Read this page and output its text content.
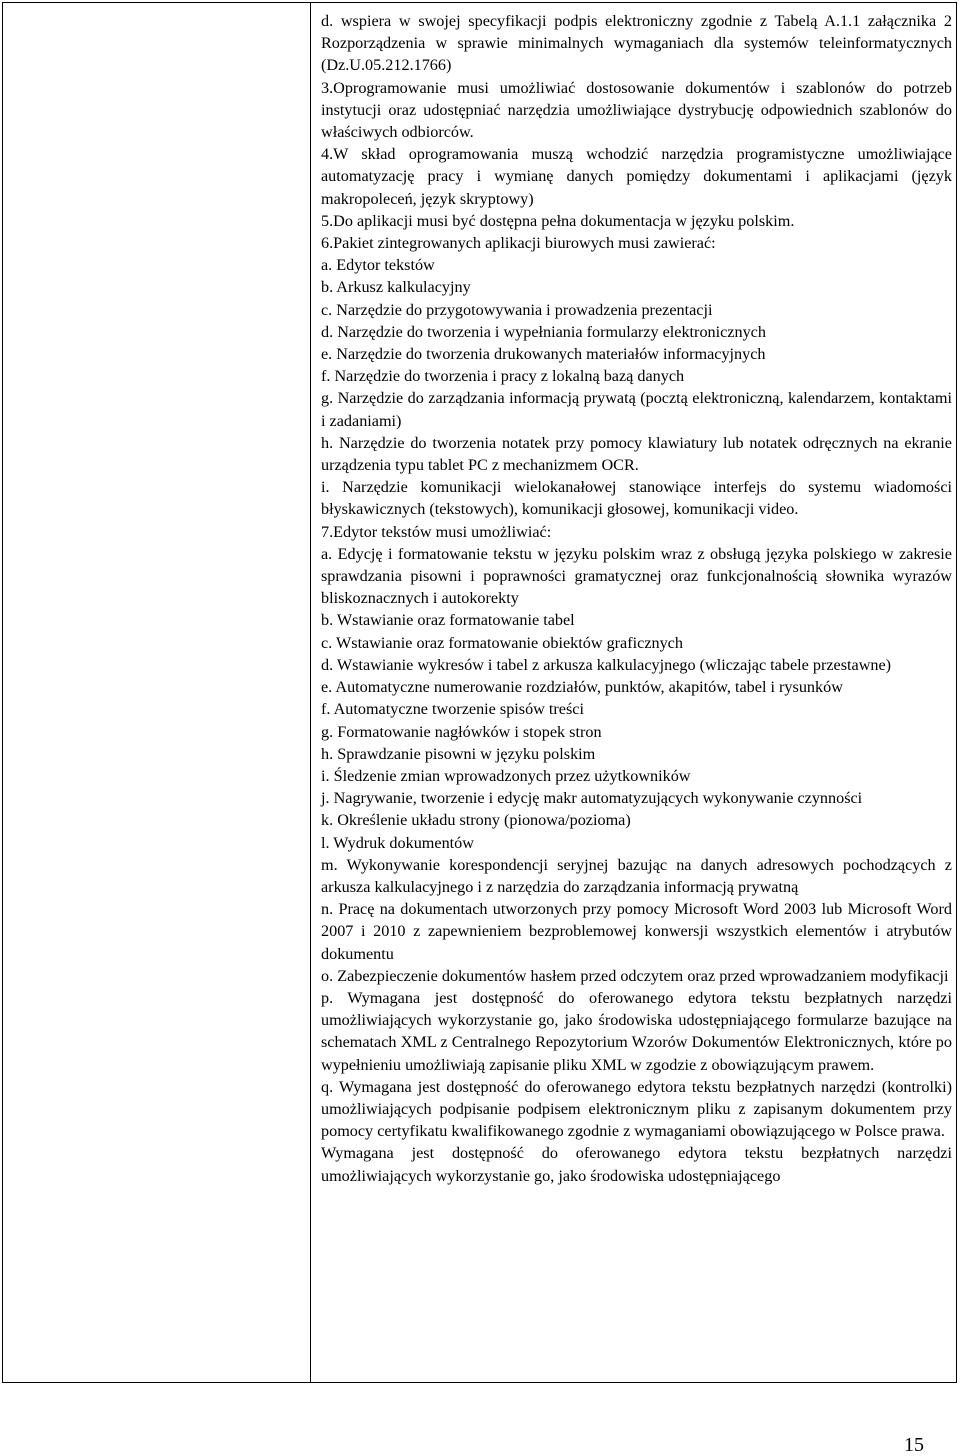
d. wspiera w swojej specyfikacji podpis elektroniczny zgodnie z Tabelą A.1.1 załącznika 2 Rozporządzenia w sprawie minimalnych wymaganiach dla systemów teleinformatycznych (Dz.U.05.212.1766)

3.Oprogramowanie musi umożliwiać dostosowanie dokumentów i szablonów do potrzeb instytucji oraz udostępniać narzędzia umożliwiające dystrybucję odpowiednich szablonów do właściwych odbiorców.

4.W skład oprogramowania muszą wchodzić narzędzia programistyczne umożliwiające automatyzację pracy i wymianę danych pomiędzy dokumentami i aplikacjami (język makropoleceń, język skryptowy)

5.Do aplikacji musi być dostępna pełna dokumentacja w języku polskim.

6.Pakiet zintegrowanych aplikacji biurowych musi zawierać:

a. Edytor tekstów

b. Arkusz kalkulacyjny

c. Narzędzie do przygotowywania i prowadzenia prezentacji

d. Narzędzie do tworzenia i wypełniania formularzy elektronicznych

e. Narzędzie do tworzenia drukowanych materiałów informacyjnych

f. Narzędzie do tworzenia i pracy z lokalną bazą danych

g. Narzędzie do zarządzania informacją prywatą (pocztą elektroniczną, kalendarzem, kontaktami i zadaniami)

h. Narzędzie do tworzenia notatek przy pomocy klawiatury lub notatek odręcznych na ekranie urządzenia typu tablet PC z mechanizmem OCR.

i. Narzędzie komunikacji wielokanałowej stanowiące interfejs do systemu wiadomości błyskawicznych (tekstowych), komunikacji głosowej, komunikacji video.

7.Edytor tekstów musi umożliwiać:

a. Edycję i formatowanie tekstu w języku polskim wraz z obsługą języka polskiego w zakresie sprawdzania pisowni i poprawności gramatycznej oraz funkcjonalnością słownika wyrazów bliskoznacznych i autokorekty

b. Wstawianie oraz formatowanie tabel

c. Wstawianie oraz formatowanie obiektów graficznych

d. Wstawianie wykresów i tabel z arkusza kalkulacyjnego (wliczając tabele przestawne)

e. Automatyczne numerowanie rozdziałów, punktów, akapitów, tabel i rysunków

f. Automatyczne tworzenie spisów treści

g. Formatowanie nagłówków i stopek stron

h. Sprawdzanie pisowni w języku polskim

i. Śledzenie zmian wprowadzonych przez użytkowników

j. Nagrywanie, tworzenie i edycję makr automatyzujących wykonywanie czynności

k. Określenie układu strony (pionowa/pozioma)

l. Wydruk dokumentów

m. Wykonywanie korespondencji seryjnej bazując na danych adresowych pochodzących z arkusza kalkulacyjnego i z narzędzia do zarządzania informacją prywatną

n. Pracę na dokumentach utworzonych przy pomocy Microsoft Word 2003 lub Microsoft Word 2007 i 2010 z zapewnieniem bezproblemowej konwersji wszystkich elementów i atrybutów dokumentu

o. Zabezpieczenie dokumentów hasłem przed odczytem oraz przed wprowadzaniem modyfikacji

p. Wymagana jest dostępność do oferowanego edytora tekstu bezpłatnych narzędzi umożliwiających wykorzystanie go, jako środowiska udostępniającego formularze bazujące na schematach XML z Centralnego Repozytorium Wzorów Dokumentów Elektronicznych, które po wypełnieniu umożliwiają zapisanie pliku XML w zgodzie z obowiązującym prawem.

q. Wymagana jest dostępność do oferowanego edytora tekstu bezpłatnych narzędzi (kontrolki) umożliwiających podpisanie podpisem elektronicznym pliku z zapisanym dokumentem przy pomocy certyfikatu kwalifikowanego zgodnie z wymaganiami obowiązującego w Polsce prawa.

Wymagana jest dostępność do oferowanego edytora tekstu bezpłatnych narzędzi umożliwiających wykorzystanie go, jako środowiska udostępniającego

15
